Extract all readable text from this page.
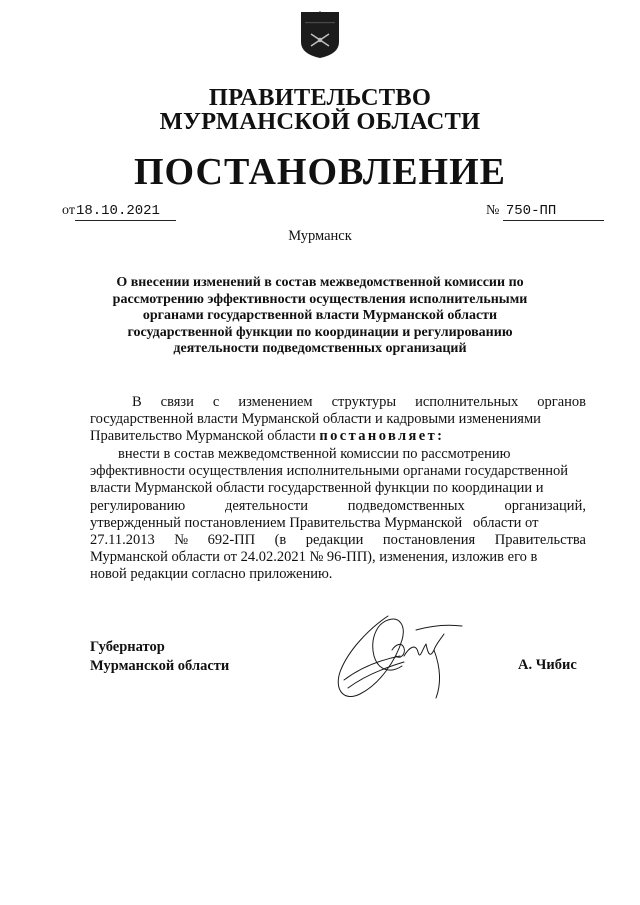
ПРАВИТЕЛЬСТВО
МУРМАНСКОЙ ОБЛАСТИ
ПОСТАНОВЛЕНИЕ
от18.10.2021	№ 750-ПП
Мурманск
О внесении изменений в состав межведомственной комиссии по
рассмотрению эффективности осуществления исполнительными
органами государственной власти Мурманской области
государственной функции по координации и регулированию
деятельности подведомственных организаций
В связи с изменением структуры исполнительных органов
государственной власти Мурманской области и кадровыми изменениями
Правительство Мурманской области постановляет:
внести в состав межведомственной комиссии по рассмотрению
эффективности осуществления исполнительными органами государственной
власти Мурманской области государственной функции по координации и
регулированию	деятельности	подведомственных	организаций,
утвержденный постановлением Правительства Мурманской   области от
27.11.2013 № 692-ПП (в редакции постановления Правительства
Мурманской области от 24.02.2021 № 96-ПП), изменения, изложив его в
новой редакции согласно приложению.
Губернатор
Мурманской области	А. Чибис
